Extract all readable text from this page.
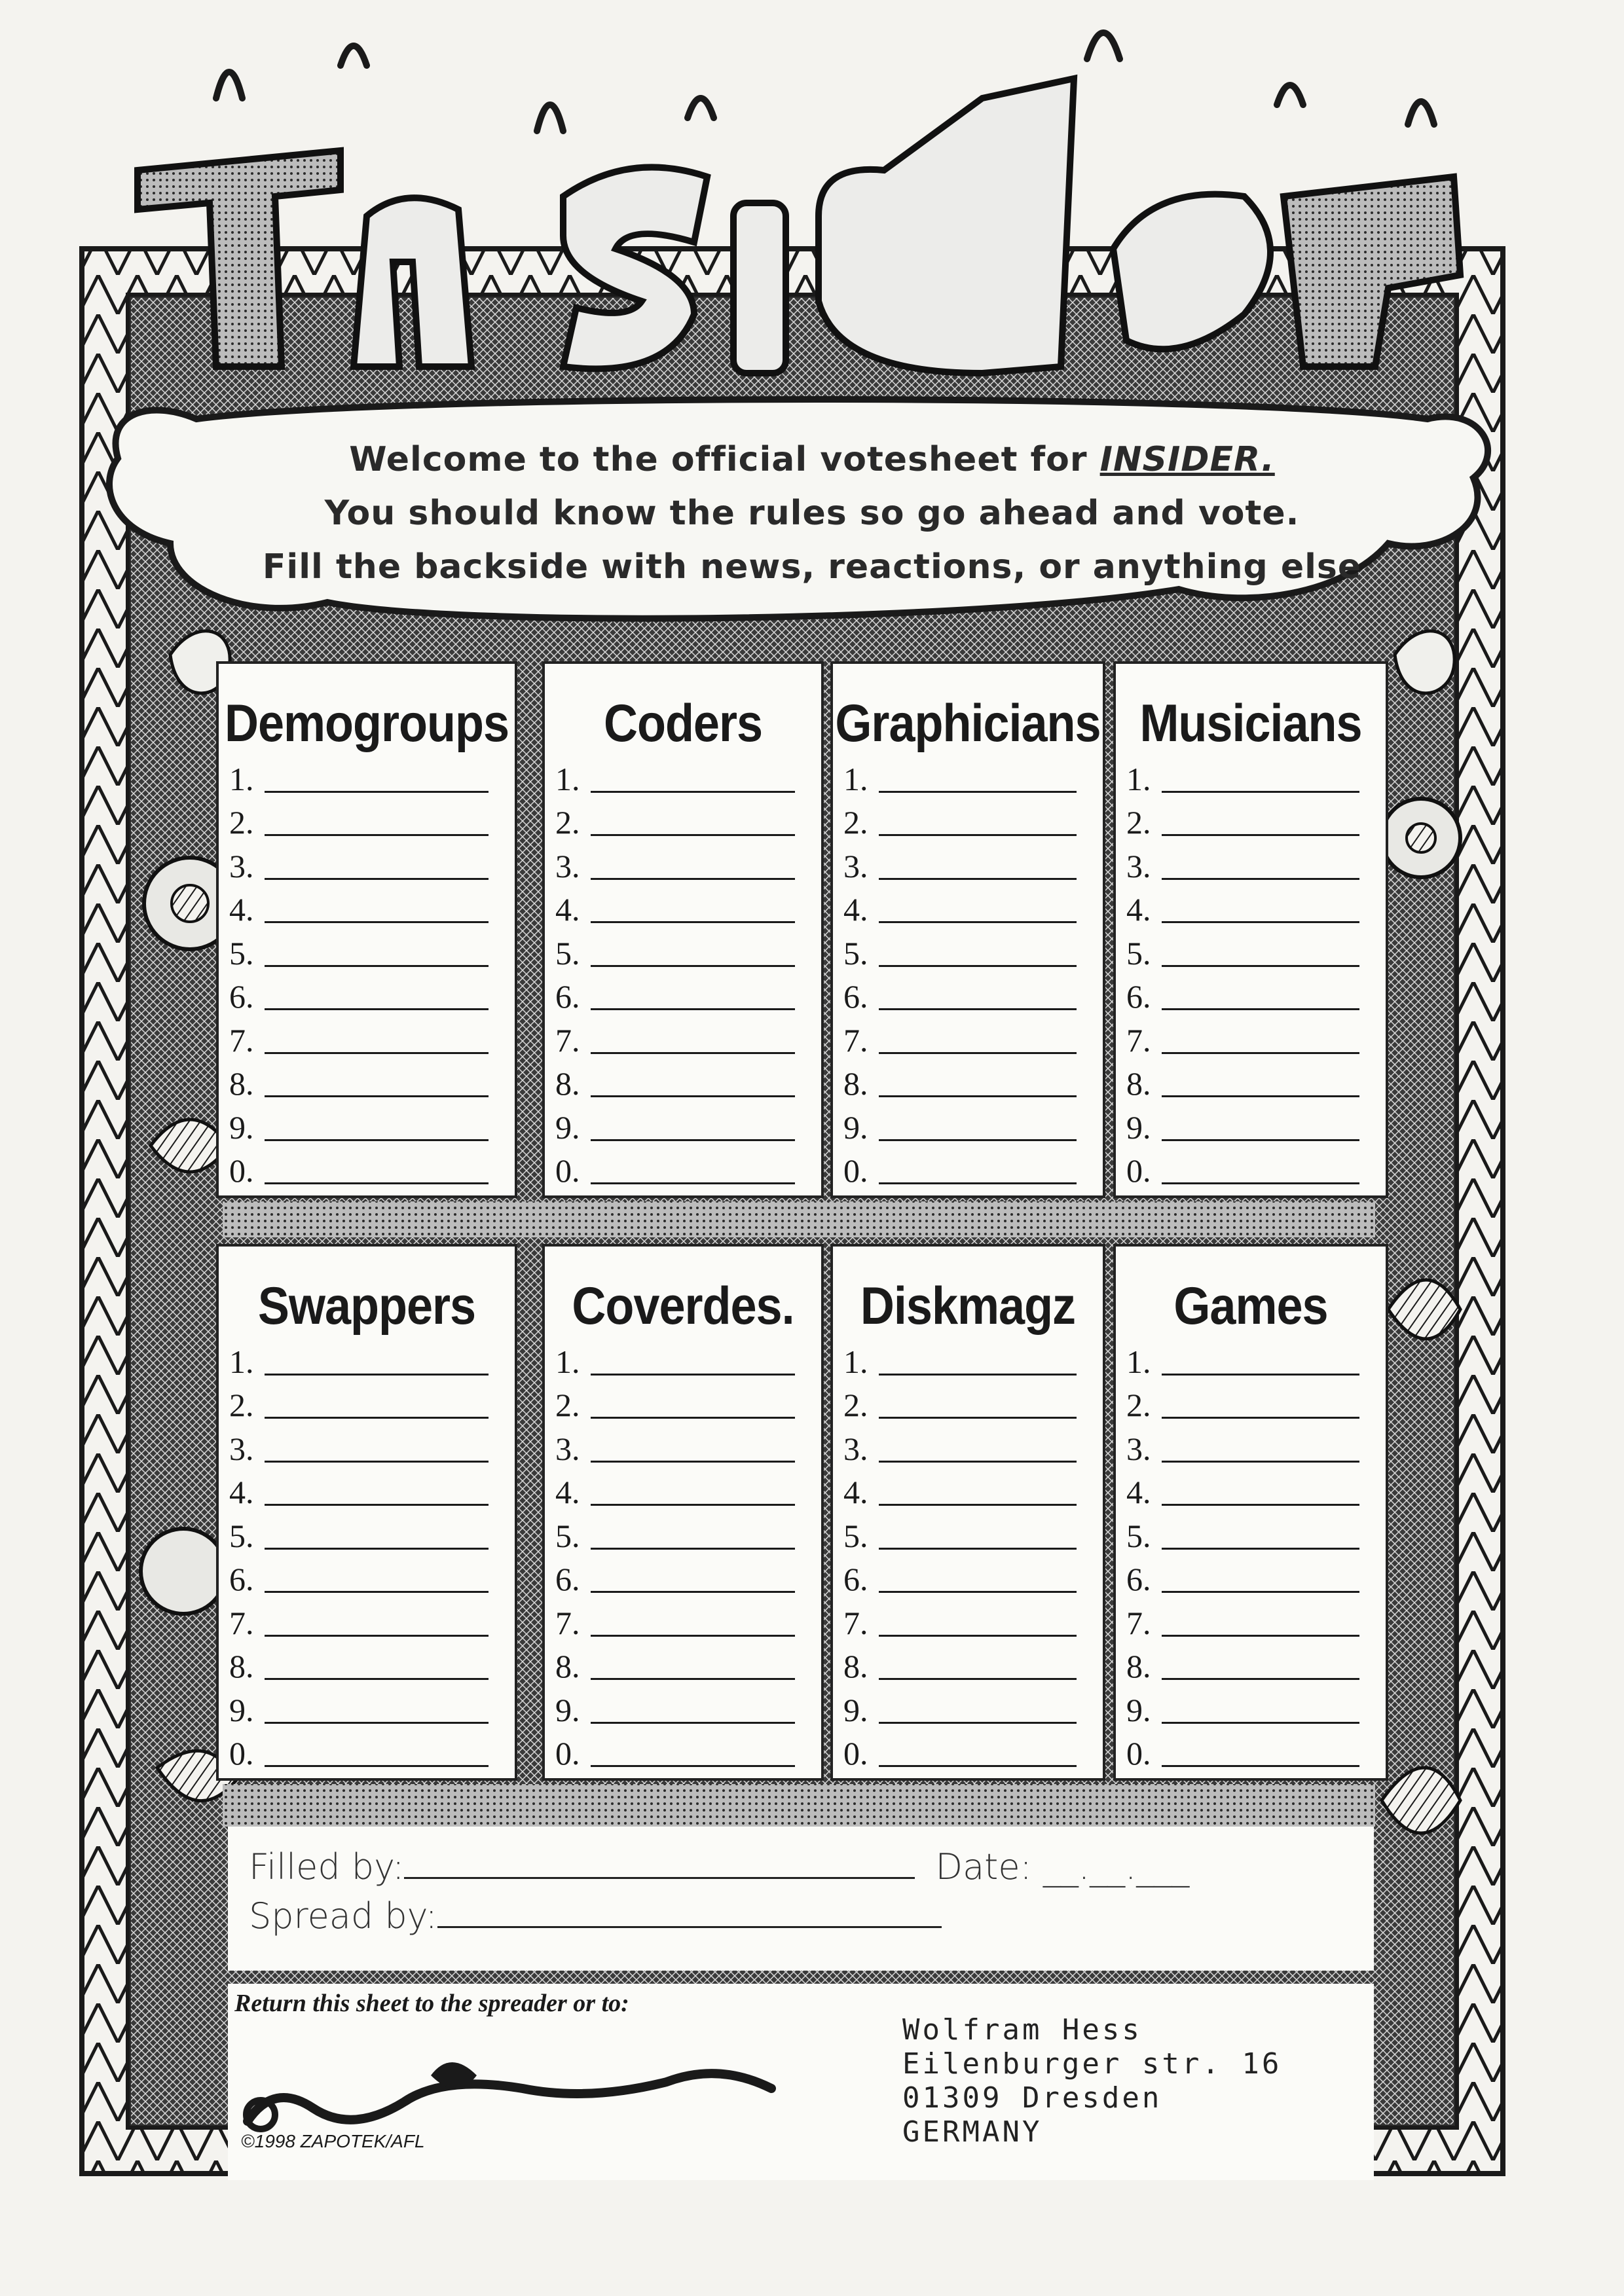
Welcome to the official votesheet for INSIDER.
You should know the rules so go ahead and vote.
Fill the backside with news, reactions, or anything else
Demogroups
1.
2.
3.
4.
5.
6.
7.
8.
9.
0.
Coders
1.
2.
3.
4.
5.
6.
7.
8.
9.
0.
Graphicians
1.
2.
3.
4.
5.
6.
7.
8.
9.
0.
Musicians
1.
2.
3.
4.
5.
6.
7.
8.
9.
0.
Swappers
1.
2.
3.
4.
5.
6.
7.
8.
9.
0.
Coverdes.
1.
2.
3.
4.
5.
6.
7.
8.
9.
0.
Diskmagz
1.
2.
3.
4.
5.
6.
7.
8.
9.
0.
Games
1.
2.
3.
4.
5.
6.
7.
8.
9.
0.
Filled by:	Date: __.__.___
Spread by:
Return this sheet to the spreader or to:
Wolfram Hess
Eilenburger str. 16
01309 Dresden
GERMANY
©1998 ZAPOTEK/AFL
